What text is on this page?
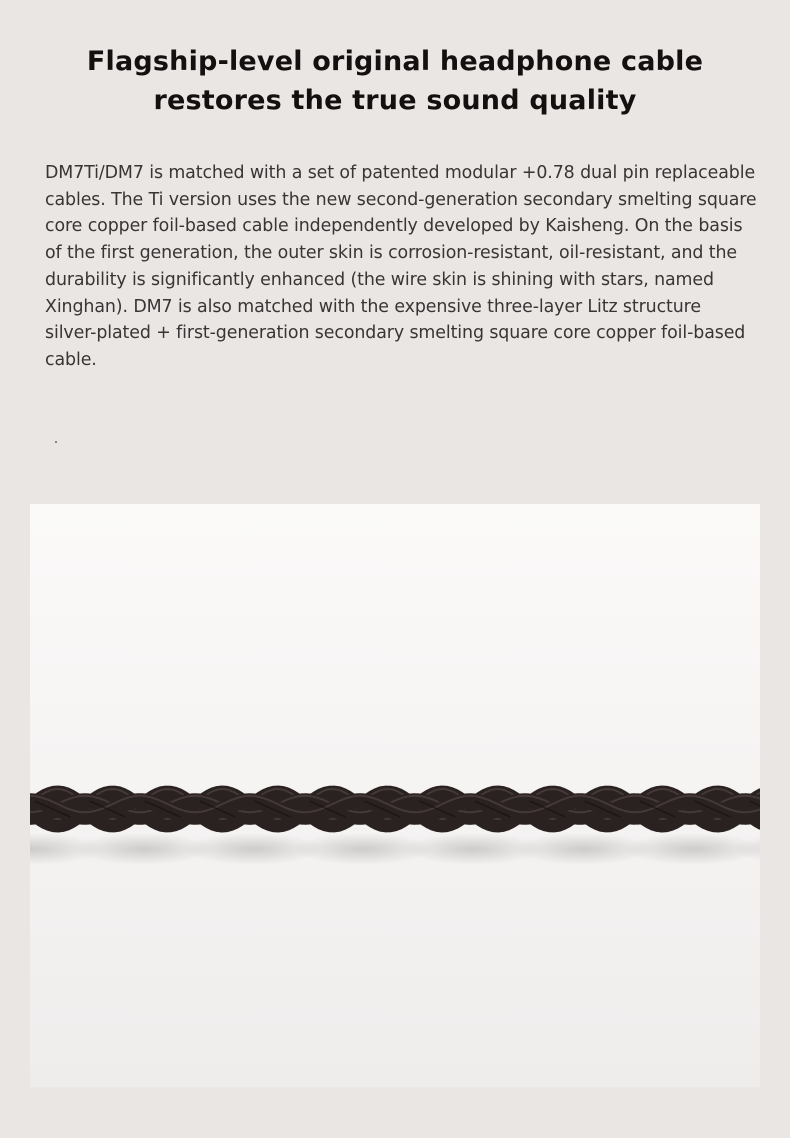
Flagship-level original headphone cable
restores the true sound quality

DM7Ti/DM7 is matched with a set of patented modular +0.78 dual pin replaceable cables. The Ti version uses the new second-generation secondary smelting square core copper foil-based cable independently developed by Kaisheng. On the basis of the first generation, the outer skin is corrosion-resistant, oil-resistant, and the durability is significantly enhanced (the wire skin is shining with stars, named Xinghan). DM7 is also matched with the expensive three-layer Litz structure silver-plated + first-generation secondary smelting square core copper foil-based cable.
